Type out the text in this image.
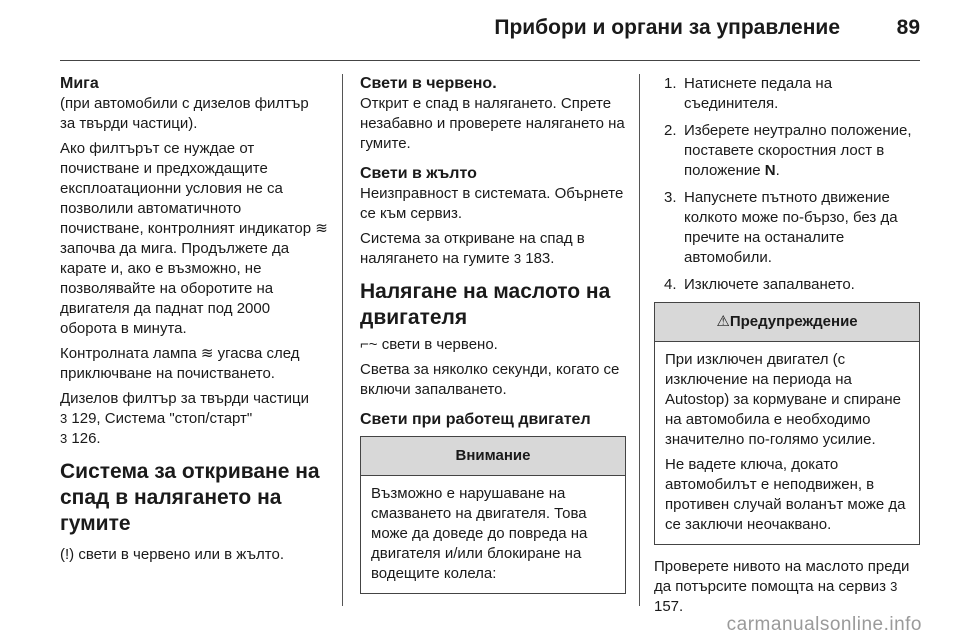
Прибори и органи за управление	89

Мига

(при автомобили с дизелов филтър за твърди частици).

Ако филтърът се нуждае от почистване и предхождащите експлоатационни условия не са позволили автоматичното почистване, контролният индикатор ≋ започва да мига. Продължете да карате и, ако е възможно, не позволявайте на оборотите на двигателя да паднат под 2000 оборота в минута.

Контролната лампа ≋ угасва след приключване на почистването.

Дизелов филтър за твърди частици
3 129, Система "стоп/старт"
3 126.

Система за откриване на спад в налягането на гумите

(!) свети в червено или в жълто.

Свети в червено.

Открит е спад в налягането. Спрете незабавно и проверете налягането на гумите.

Свети в жълто

Неизправност в системата. Обърнете се към сервиз.

Система за откриване на спад в налягането на гумите 3 183.

Налягане на маслото на двигателя

⌐~ свети в червено.

Светва за няколко секунди, когато се включи запалването.

Свети при работещ двигател

Внимание

Възможно е нарушаване на смазването на двигателя. Това може да доведе до повреда на двигателя и/или блокиране на водещите колела:

1. Натиснете педала на съединителя.
2. Изберете неутрално положение, поставете скоростния лост в положение N.
3. Напуснете пътното движение колкото може по-бързо, без да пречите на останалите автомобили.
4. Изключете запалването.
⚠Предупреждение

При изключен двигател (с изключение на периода на Autostop) за кормуване и спиране на автомобила е необходимо значително по-голямо усилие.

Не вадете ключа, докато автомобилът е неподвижен, в противен случай воланът може да се заключи неочаквано.

Проверете нивото на маслото преди да потърсите помощта на сервиз 3 157.

carmanualsonline.info
